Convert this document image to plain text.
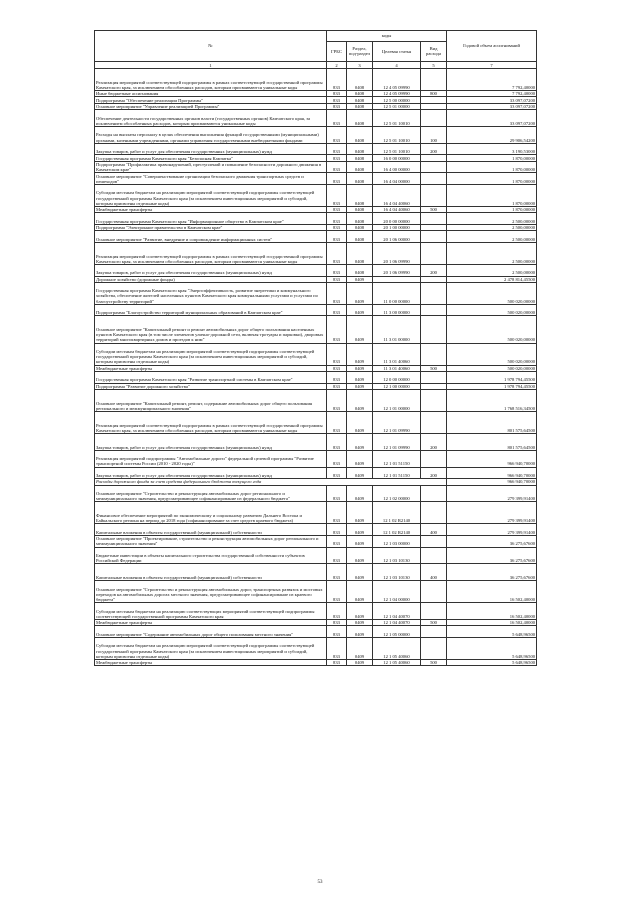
№	коды				Годовой объем ассигнований
	ГРБС	Раздел, под-раздел	Целевая статья	Вид расхода	
1	2	3	4	5	7
Реализация мероприятий соответствующей подпрограммы в рамках соответствующей государственной программы Камчатского края, за исключением обособленных расходов, которым присваиваются уникальные коды	833	0408	12 4 05 09990		7 792,40000
Иные бюджетные ассигнования	833	0408	12 4 05 09990	800	7 792,40000
Подпрограмма "Обеспечение реализации Программы"	833	0408	12 5 00 00000		33 097,07200
Основное мероприятие "Управление реализацией Программы"	833	0408	12 5 01 00000		33 097,07200
Обеспечение деятельности государственных органов власти (государственных органов) Камчатского края, за исключением обособленных расходов, которым присваиваются уникальные коды	833	0408	12 5 01 10010		33 097,07200
Расходы на выплаты персоналу в целях обеспечения выполнения функций государственными (муниципальными) органами, казенными учреждениями, органами управления государственными внебюджетными фондами	833	0408	12 5 01 10010	100	29 906,54200
Закупка товаров, работ и услуг для обеспечения государственных (муниципальных) нужд	833	0408	12 5 01 10010	200	3 190,53000
Государственная программа Камчатского края "Безопасная Камчатка"	833	0408	16 0 00 00000		1 870,00000
Подпрограмма "Профилактика правонарушений, преступлений и повышение безопасности дорожного движения в Камчатском крае"	833	0408	16 4 00 00000		1 870,00000
Основное мероприятие "Совершенствование организации безопасного движения транспортных средств и пешеходов"	833	0408	16 4 04 00000		1 870,00000
Субсидии местным бюджетам на реализацию мероприятий соответствующей подпрограммы соответствующей государственной программы Камчатского края (за исключением инвестиционных мероприятий и субсидий, которым присвоены отдельные коды)	833	0408	16 4 04 40060		1 870,00000
Межбюджетные трансферты	833	0408	16 4 04 40060	500	1 870,00000
Государственная программа Камчатского края "Информационное общество в Камчатском крае"	833	0408	20 0 00 00000		2 500,00000
Подпрограмма "Электронное правительство в Камчатском крае"	833	0408	20 1 00 00000		2 500,00000
Основное мероприятие "Развитие, внедрение и сопровождение информационных систем"	833	0408	20 1 06 00000		2 500,00000
Реализация мероприятий соответствующей подпрограммы в рамках соответствующей государственной программы Камчатского края, за исключением обособленных расходов, которым присваиваются уникальные коды	833	0408	20 1 06 09990		2 500,00000
Закупка товаров, работ и услуг для обеспечения государственных (муниципальных) нужд	833	0408	20 1 06 09990	200	2 500,00000
Дорожное хозяйство (дорожные фонды)	833	0409			2 478 814,45500
Государственная программа Камчатского края "Энергоэффективность, развитие энергетики и коммунального хозяйства, обеспечение жителей населенных пунктов Камчатского края коммунальными услугами и услугами по благоустройству территорий"	833	0409	11 0 00 00000		500 020,00000
Подпрограмма "Благоустройство территорий муниципальных образований в Камчатском крае"	833	0409	11 3 00 00000		500 020,00000
Основное мероприятие "Капитальный ремонт и ремонт автомобильных дорог общего пользования населенных пунктов Камчатского края (в том числе элементов улично-дорожной сети, включая тротуары и парковки), дворовых территорий многоквартирных домов и проездов к ним"	833	0409	11 3 01 00000		500 020,00000
Субсидии местным бюджетам на реализацию мероприятий соответствующей подпрограммы соответствующей государственной программы Камчатского края (за исключением инвестиционных мероприятий и субсидий, которым присвоены отдельные коды)	833	0409	11 3 01 40060		500 020,00000
Межбюджетные трансферты	833	0409	11 3 01 40060	500	500 020,00000
Государственная программа Камчатского края "Развитие транспортной системы в Камчатском крае"	833	0409	12 0 00 00000		1 978 794,45500
Подпрограмма "Развитие дорожного хозяйства"	833	0409	12 1 00 00000		1 978 794,45500
Основное мероприятие "Капитальный ремонт, ремонт, содержание автомобильных дорог общего пользования регионального и межмуниципального значения"	833	0409	12 1 01 00000		1 768 516,34500
Реализация мероприятий соответствующей подпрограммы в рамках соответствующей государственной программы Камчатского края, за исключением обособленных расходов, которым присваиваются уникальные коды	833	0409	12 1 01 09990		801 575,64500
Закупка товаров, работ и услуг для обеспечения государственных (муниципальных) нужд	833	0409	12 1 01 09990	200	801 575,64500
Реализация мероприятий подпрограммы "Автомобильные дороги" федеральной целевой программы "Развитие транспортной системы России (2010 - 2020 годы)"	833	0409	12 1 01 51150		966 940,70000
Закупка товаров, работ и услуг для обеспечения государственных (муниципальных) нужд	833	0409	12 1 01 51150	200	966 940,70000
Расходы дорожного фонда за счет средств федерального бюджета текущего года					966 940,70000
Основное мероприятие "Строительство и реконструкция автомобильных дорог регионального и межмуниципального значения, предусматривающее софинансирование из федерального бюджета"	833	0409	12 1 02 00000		279 399,91400
Финансовое обеспечение мероприятий по экономическому и социальному развитию Дальнего Востока и Байкальского региона на период до 2018 года (софинансирование за счет средств краевого бюджета)	833	0409	12 1 02 R2140		279 399,91400
Капитальные вложения в объекты государственной (муниципальной) собственности	833	0409	12 1 02 R2140	400	279 399,91400
Основное мероприятие "Проектирование, строительство и реконструкция автомобильных дорог регионального и межмуниципального значения"	833	0409	12 1 03 00000		36 275,67600
Бюджетные инвестиции в объекты капитального строительства государственной собственности субъектов Российской Федерации	833	0409	12 1 03 10130		36 275,67600
Капитальные вложения в объекты государственной (муниципальной) собственности	833	0409	12 1 03 10130	400	36 275,67600
Основное мероприятие "Строительство и реконструкция автомобильных дорог, транспортных развязок и мостовых переходов на автомобильных дорогах местного значения, предусматривающее софинансирование из краевого бюджета"	833	0409	12 1 04 00000		16 502,40000
Субсидии местным бюджетам на реализацию соответствующих мероприятий соответствующей подпрограммы соответствующей государственной программы Камчатского края	833	0409	12 1 04 40070		16 502,40000
Межбюджетные трансферты	833	0409	12 1 04 40070	500	16 502,40000
Основное мероприятие "Содержание автомобильных дорог общего пользования местного значения"	833	0409	12 1 05 00000		5 648,96500
Субсидии местным бюджетам на реализацию мероприятий соответствующей подпрограммы соответствующей государственной программы Камчатского края (за исключением инвестиционных мероприятий и субсидий, которым присвоены отдельные коды)	833	0409	12 1 05 40060		5 648,96500
Межбюджетные трансферты	833	0409	12 1 05 40060	500	5 648,96500
53
